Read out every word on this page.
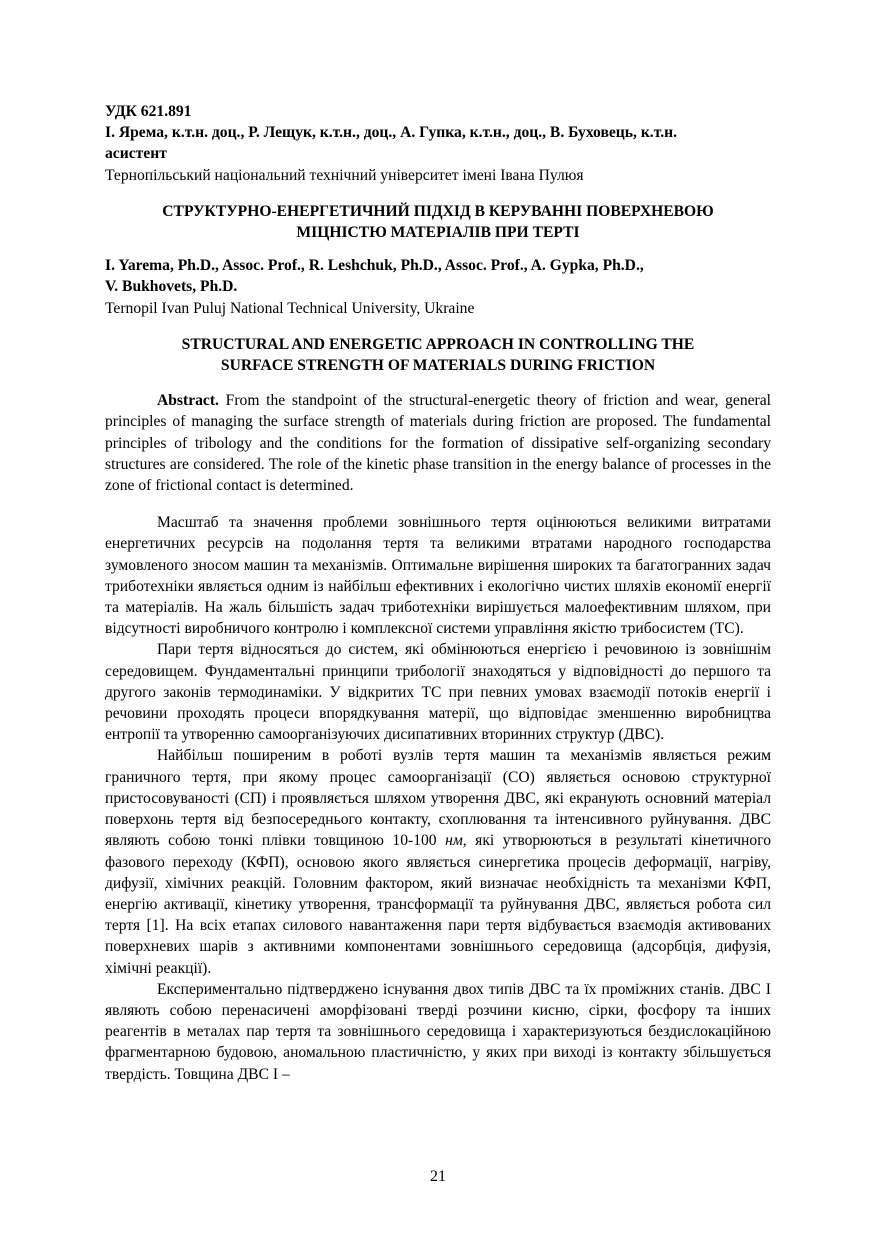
УДК 621.891

І. Ярема, к.т.н. доц., Р. Лещук, к.т.н., доц., А. Гупка, к.т.н., доц., В. Буховець, к.т.н.
асистент

Тернопільський національний технічний університет імені Івана Пулюя

СТРУКТУРНО-ЕНЕРГЕТИЧНИЙ ПІДХІД В КЕРУВАННІ ПОВЕРХНЕВОЮ
МІЦНІСТЮ МАТЕРІАЛІВ ПРИ ТЕРТІ

I. Yarema, Ph.D., Assoc. Prof., R. Leshchuk, Ph.D., Assoc. Prof., A. Gypka, Ph.D.,
V. Bukhovets, Ph.D.

Ternopil Ivan Puluj National Technical University, Ukraine

STRUCTURAL AND ENERGETIC APPROACH IN CONTROLLING THE
SURFACE STRENGTH OF MATERIALS DURING FRICTION

Abstract. From the standpoint of the structural-energetic theory of friction and wear, general principles of managing the surface strength of materials during friction are proposed. The fundamental principles of tribology and the conditions for the formation of dissipative self-organizing secondary structures are considered. The role of the kinetic phase transition in the energy balance of processes in the zone of frictional contact is determined.

Масштаб та значення проблеми зовнішнього тертя оцінюються великими витратами енергетичних ресурсів на подолання тертя та великими втратами народного господарства зумовленого зносом машин та механізмів. Оптимальне вирішення широких та багатогранних задач триботехніки являється одним із найбільш ефективних і екологічно чистих шляхів економії енергії та матеріалів. На жаль більшість задач триботехніки вирішується малоефективним шляхом, при відсутності виробничого контролю і комплексної системи управління якістю трибосистем (ТС).

Пари тертя відносяться до систем, які обмінюються енергією і речовиною із зовнішнім середовищем. Фундаментальні принципи трибології знаходяться у відповідності до першого та другого законів термодинаміки. У відкритих ТС при певних умовах взаємодії потоків енергії і речовини проходять процеси впорядкування матерії, що відповідає зменшенню виробництва ентропії та утворенню самоорганізуючих дисипативних вторинних структур (ДВС).

Найбільш поширеним в роботі вузлів тертя машин та механізмів являється режим граничного тертя, при якому процес самоорганізації (СО) являється основою структурної пристосовуваності (СП) і проявляється шляхом утворення ДВС, які екранують основний матеріал поверхонь тертя від безпосереднього контакту, схоплювання та інтенсивного руйнування. ДВС являють собою тонкі плівки товщиною 10-100 нм, які утворюються в результаті кінетичного фазового переходу (КФП), основою якого являється синергетика процесів деформації, нагріву, дифузії, хімічних реакцій. Головним фактором, який визначає необхідність та механізми КФП, енергію активації, кінетику утворення, трансформації та руйнування ДВС, являється робота сил тертя [1]. На всіх етапах силового навантаження пари тертя відбувається взаємодія активованих поверхневих шарів з активними компонентами зовнішнього середовища (адсорбція, дифузія, хімічні реакції).

Експериментально підтверджено існування двох типів ДВС та їх проміжних станів. ДВС І являють собою перенасичені аморфізовані тверді розчини кисню, сірки, фосфору та інших реагентів в металах пар тертя та зовнішнього середовища і характеризуються бездислокаційною фрагментарною будовою, аномальною пластичністю, у яких при виході із контакту збільшується твердість. Товщина ДВС І –

21
